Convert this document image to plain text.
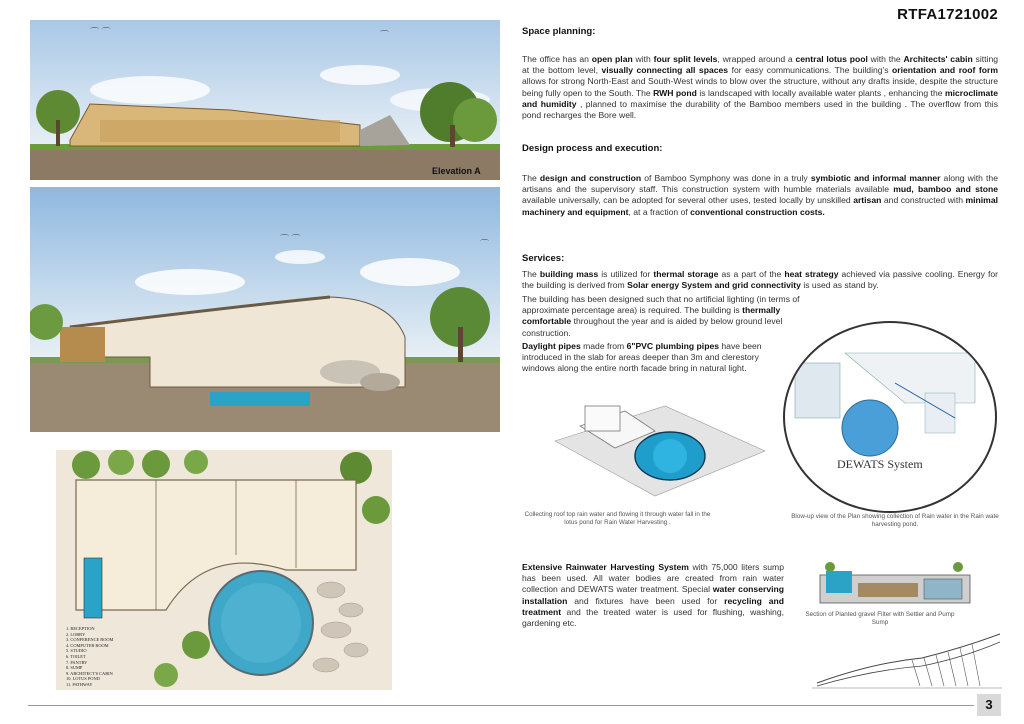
RTFA1721002
⌒ ⌒	⌒
Elevation A
⌒ ⌒	⌒
1. RECEPTION
2. LOBBY
3. CONFERENCE ROOM
4. COMPUTER ROOM
5. STUDIO
6. TOILET
7. PANTRY
8. SUMP
9. ARCHITECT'S CABIN
10. LOTUS POND
11. PATHWAY
Space planning:
The office has an open plan with four split levels, wrapped around a central lotus pool with the Architects' cabin sitting at the bottom level, visually connecting all spaces for easy communications. The building's orientation and roof form allows for strong North-East and South-West winds to blow over the structure, without any drafts inside, despite the structure being fully open to the South. The RWH pond is landscaped with locally available water plants , enhancing the microclimate and humidity , planned to maximise the durability of the Bamboo members used in the building . The overflow from this pond recharges the Bore well.
Design process and execution:
The design and construction of Bamboo Symphony was done in a truly symbiotic and informal manner along with the artisans and the supervisory staff. This construction system with humble materials available mud, bamboo and stone available universally, can be adopted for several other uses, tested locally by unskilled artisan and constructed with minimal machinery and equipment, at a fraction of conventional construction costs.
Services:
The building mass is utilized for thermal storage as a part of the heat strategy achieved via passive cooling. Energy for the building is derived from Solar energy System and grid connectivity is used as stand by.
The building has been designed such that no artificial lighting (in terms of approximate percentage area) is required. The building is thermally comfortable throughout the year and is aided by below ground level construction.
Daylight pipes made from 6"PVC plumbing pipes have been introduced in the slab for areas deeper than 3m and clerestory windows along the entire north facade bring in natural light.
Collecting roof top rain water and flowing it through water fall in the lotus pond for Rain Water Harvesting .
DEWATS System
Blow-up view of the Plan showing collection of Rain water in the Rain wate harvesting pond.
Extensive Rainwater Harvesting System with 75,000 liters sump has been used. All water bodies are created from rain water collection and DEWATS water treatment. Special water conserving installation and fixtures have been used for recycling and treatment and the treated water is used for flushing, washing, gardening etc.
Section of Planted gravel Filter with Settler and Pump Sump
3
